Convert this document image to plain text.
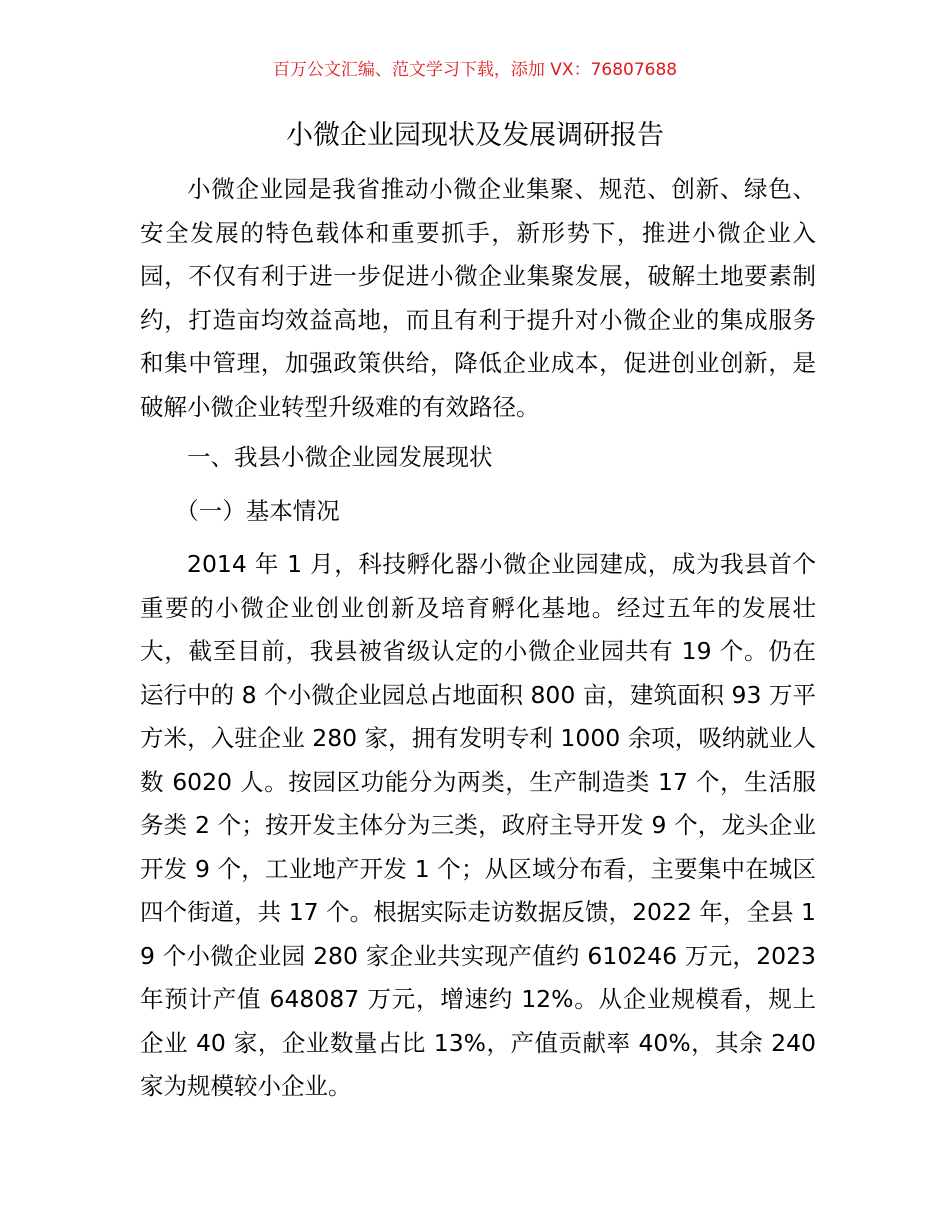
百万公文汇编、范文学习下载，添加 VX：76807688
小微企业园现状及发展调研报告

小微企业园是我省推动小微企业集聚、规范、创新、绿色、安全发展的特色载体和重要抓手，新形势下，推进小微企业入园，不仅有利于进一步促进小微企业集聚发展，破解土地要素制约，打造亩均效益高地，而且有利于提升对小微企业的集成服务和集中管理，加强政策供给，降低企业成本，促进创业创新，是破解小微企业转型升级难的有效路径。

一、我县小微企业园发展现状

（一）基本情况

2014 年 1 月，科技孵化器小微企业园建成，成为我县首个重要的小微企业创业创新及培育孵化基地。经过五年的发展壮大，截至目前，我县被省级认定的小微企业园共有 19 个。仍在运行中的 8 个小微企业园总占地面积 800 亩，建筑面积 93 万平方米，入驻企业 280 家，拥有发明专利 1000 余项，吸纳就业人数 6020 人。按园区功能分为两类，生产制造类 17 个，生活服务类 2 个；按开发主体分为三类，政府主导开发 9 个，龙头企业开发 9 个，工业地产开发 1 个；从区域分布看，主要集中在城区四个街道，共 17 个。根据实际走访数据反馈，2022 年，全县 19 个小微企业园 280 家企业共实现产值约 610246 万元，2023 年预计产值 648087 万元，增速约 12%。从企业规模看，规上企业 40 家，企业数量占比 13%，产值贡献率 40%，其余 240 家为规模较小企业。
